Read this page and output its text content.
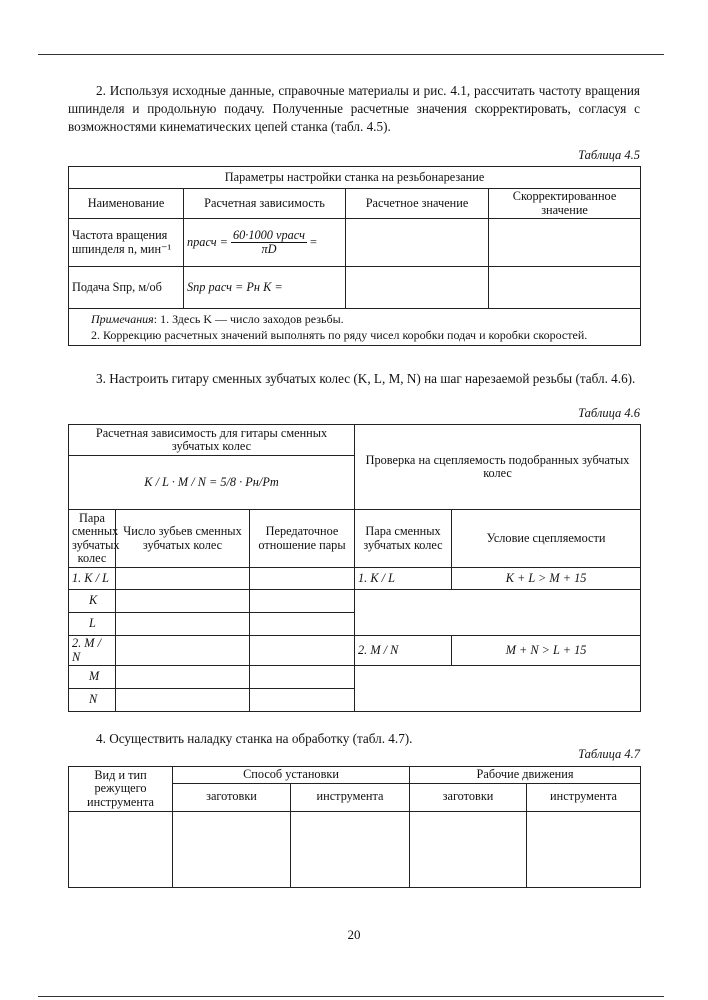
2. Используя исходные данные, справочные материалы и рис. 4.1, рассчитать частоту вращения шпинделя и продольную подачу. Полученные расчетные значения скорректировать, согласуя с возможностями кинематических цепей станка (табл. 4.5).

Таблица 4.5
Параметры настройки станка на резьбонарезание			
Наименование	Расчетная зависимость	Расчетное значение	Скорректированное значение
Частота вращения шпинделя n, мин⁻¹	nрасч = $\frac{\text{60·1000 vрасч}}{\pi D}$ =		
Подача Sпр, м/об	Sпр расч = Pн K =		

Примечания: 1. Здесь K — число заходов резьбы.
2. Коррекцию расчетных значений выполнять по ряду чисел коробки подач и коробки скоростей.			

3. Настроить гитару сменных зубчатых колес (K, L, M, N) на шаг нарезаемой резьбы (табл. 4.6).

Таблица 4.6
Расчетная зависимость для гитары сменных зубчатых колес			Проверка на сцепляемость подобранных зубчатых колес	
K / L · M / N = 5/8 · Pн/Pт				
Пара сменных зубчатых колес	Число зубьев сменных зубчатых колес	Передаточное отношение пары	Пара сменных зубчатых колес	Условие сцепляемости
1. K / L			1. K / L	K + L > M + 15
K				
L				
2. M / N			2. M / N	M + N > L + 15
M				
N				

4. Осуществить наладку станка на обработку (табл. 4.7).

Таблица 4.7
Вид и тип режущего инструмента	Способ установки		Рабочие движения	
	заготовки	инструмента	заготовки	инструмента

20
